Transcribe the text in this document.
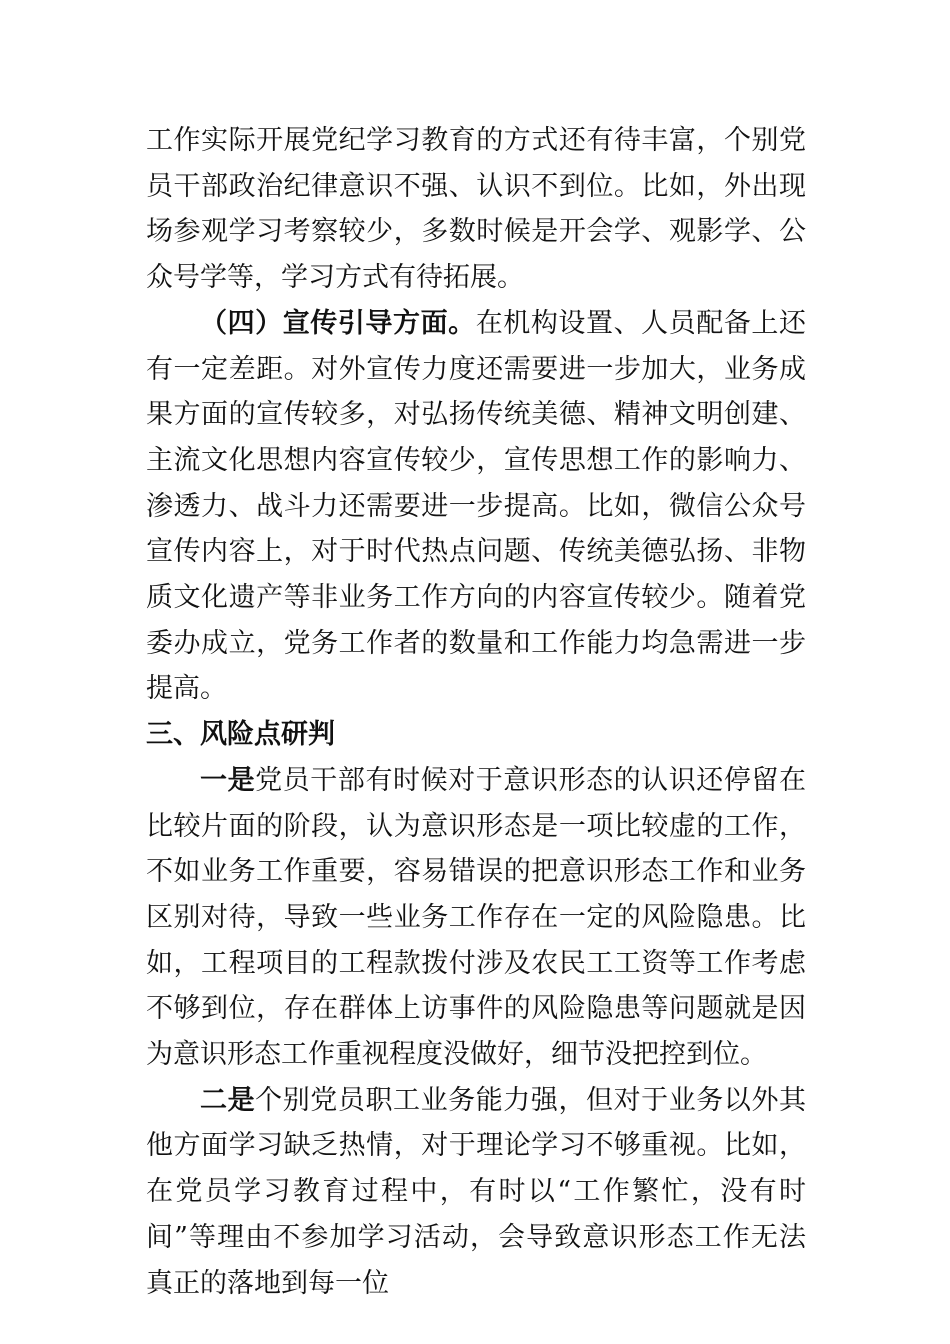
工作实际开展党纪学习教育的方式还有待丰富，个别党员干部政治纪律意识不强、认识不到位。比如，外出现场参观学习考察较少，多数时候是开会学、观影学、公众号学等，学习方式有待拓展。

（四）宣传引导方面。在机构设置、人员配备上还有一定差距。对外宣传力度还需要进一步加大，业务成果方面的宣传较多，对弘扬传统美德、精神文明创建、主流文化思想内容宣传较少，宣传思想工作的影响力、渗透力、战斗力还需要进一步提高。比如，微信公众号宣传内容上，对于时代热点问题、传统美德弘扬、非物质文化遗产等非业务工作方向的内容宣传较少。随着党委办成立，党务工作者的数量和工作能力均急需进一步提高。

三、风险点研判

一是党员干部有时候对于意识形态的认识还停留在比较片面的阶段，认为意识形态是一项比较虚的工作，不如业务工作重要，容易错误的把意识形态工作和业务区别对待，导致一些业务工作存在一定的风险隐患。比如，工程项目的工程款拨付涉及农民工工资等工作考虑不够到位，存在群体上访事件的风险隐患等问题就是因为意识形态工作重视程度没做好，细节没把控到位。

二是个别党员职工业务能力强，但对于业务以外其他方面学习缺乏热情，对于理论学习不够重视。比如，在党员学习教育过程中，有时以“工作繁忙，没有时间”等理由不参加学习活动，会导致意识形态工作无法真正的落地到每一位
